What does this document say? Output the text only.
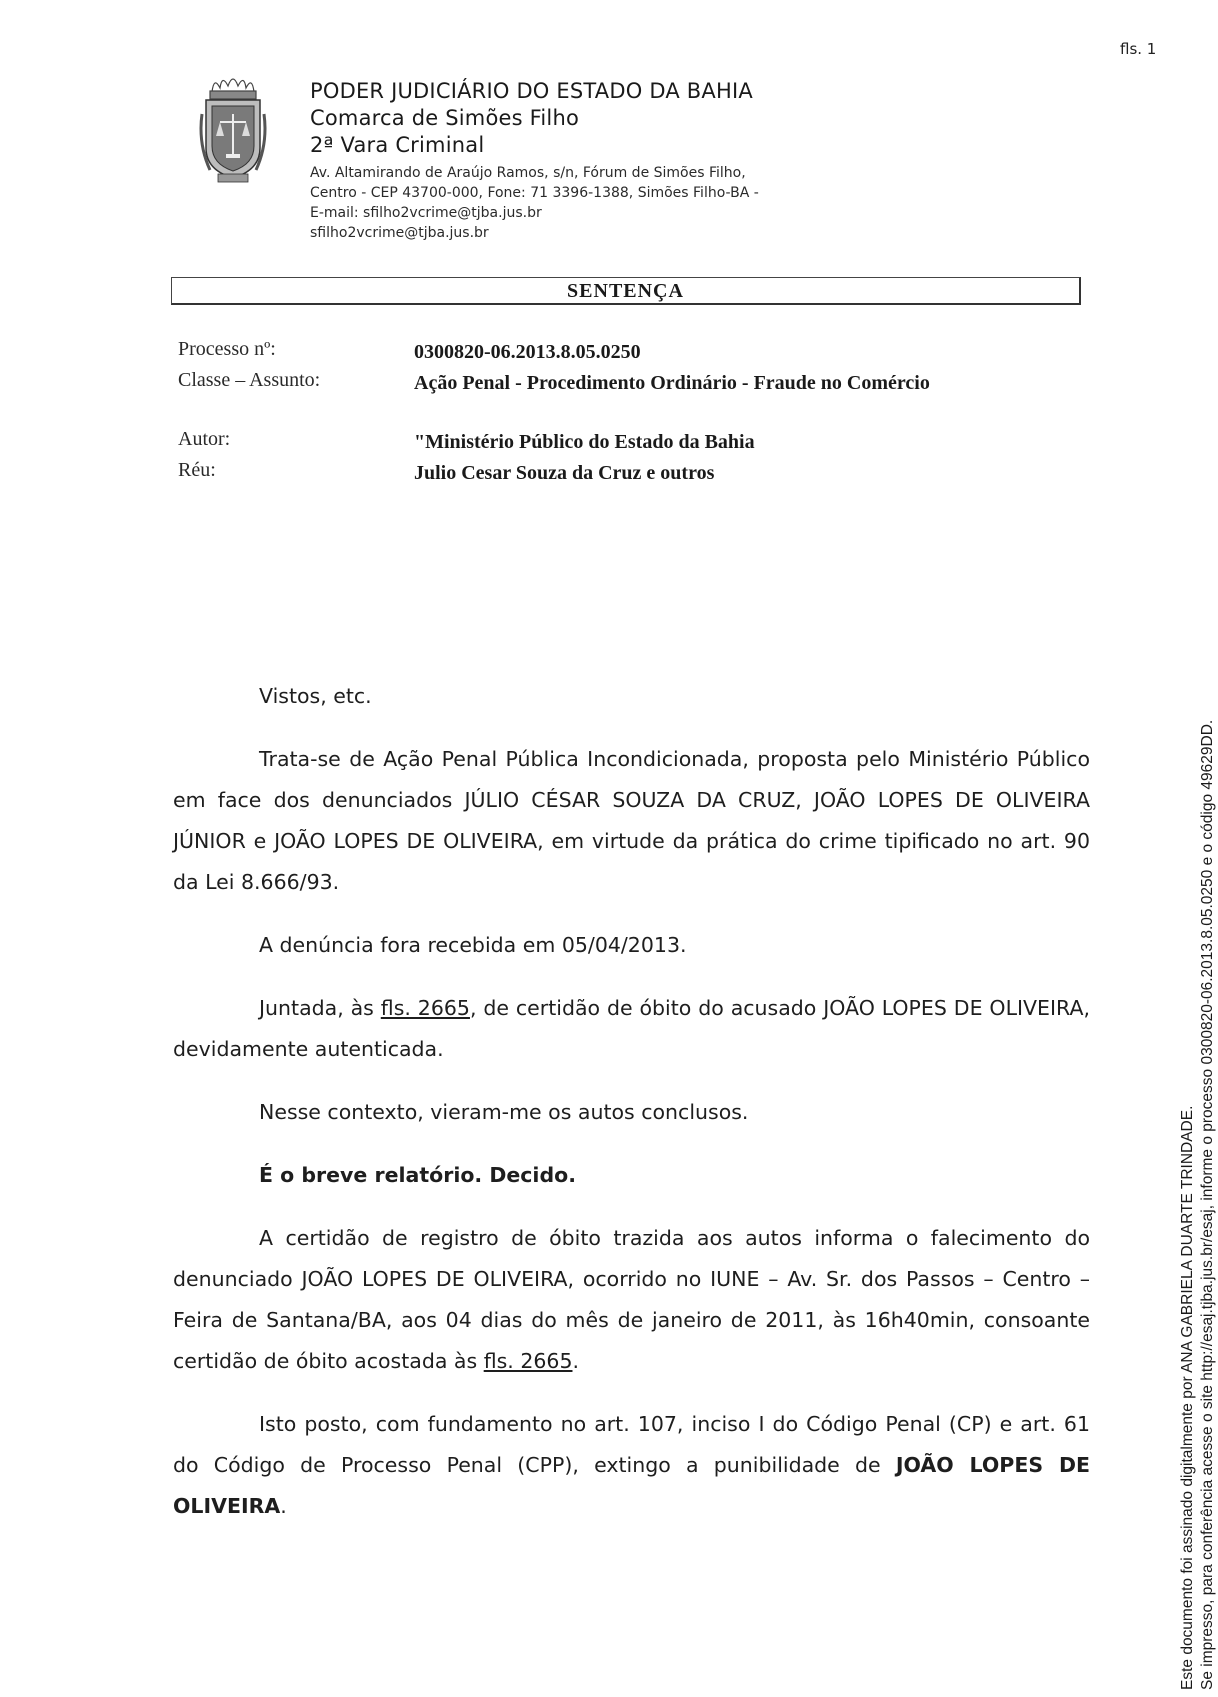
fls. 1
PODER JUDICIÁRIO DO ESTADO DA BAHIA
Comarca de Simões Filho
2ª Vara Criminal
Av. Altamirando de Araújo Ramos, s/n, Fórum de Simões Filho,
Centro - CEP 43700-000, Fone: 71 3396-1388, Simões Filho-BA -
E-mail: sfilho2vcrime@tjba.jus.br
sfilho2vcrime@tjba.jus.br
SENTENÇA
Processo nº:	0300820-06.2013.8.05.0250
Classe – Assunto:	Ação Penal - Procedimento Ordinário - Fraude no Comércio
Autor:	"Ministério Público do Estado da Bahia
Réu:	Julio Cesar Souza da Cruz e outros

Vistos, etc.

Trata-se de Ação Penal Pública Incondicionada, proposta pelo Ministério Público em face dos denunciados JÚLIO CÉSAR SOUZA DA CRUZ, JOÃO LOPES DE OLIVEIRA JÚNIOR e JOÃO LOPES DE OLIVEIRA, em virtude da prática do crime tipificado no art. 90 da Lei 8.666/93.

A denúncia fora recebida em 05/04/2013.

Juntada, às fls. 2665, de certidão de óbito do acusado JOÃO LOPES DE OLIVEIRA, devidamente autenticada.

Nesse contexto, vieram-me os autos conclusos.

É o breve relatório. Decido.

A certidão de registro de óbito trazida aos autos informa o falecimento do denunciado JOÃO LOPES DE OLIVEIRA, ocorrido no IUNE – Av. Sr. dos Passos – Centro – Feira de Santana/BA, aos 04 dias do mês de janeiro de 2011, às 16h40min, consoante certidão de óbito acostada às fls. 2665.

Isto posto, com fundamento no art. 107, inciso I do Código Penal (CP) e art. 61 do Código de Processo Penal (CPP), extingo a punibilidade de JOÃO LOPES DE OLIVEIRA.	Este documento foi assinado digitalmente por ANA GABRIELA DUARTE TRINDADE. Se impresso, para conferência acesse o site http://esaj.tjba.jus.br/esaj, informe o processo 0300820-06.2013.8.05.0250 e o código 49629DD.
